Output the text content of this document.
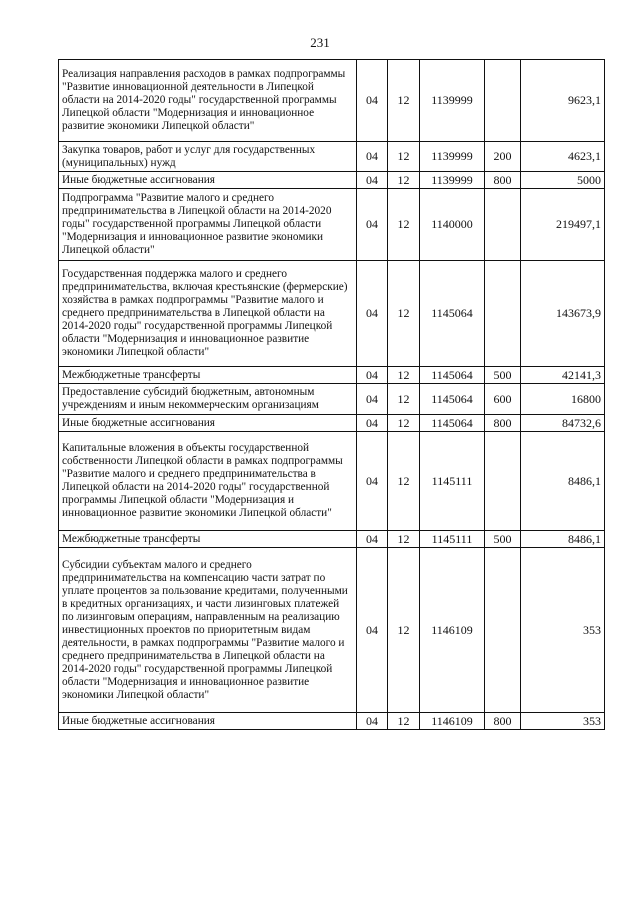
231
Реализация направления расходов в рамках подпрограммы "Развитие инновационной деятельности в Липецкой области на 2014-2020 годы" государственной программы Липецкой области "Модернизация и инновационное развитие экономики Липецкой области"	04	12	1139999		9623,1
Закупка товаров, работ и услуг для государственных (муниципальных) нужд	04	12	1139999	200	4623,1
Иные бюджетные ассигнования	04	12	1139999	800	5000
Подпрограмма "Развитие малого и среднего предпринимательства в Липецкой области на 2014-2020 годы" государственной программы Липецкой области "Модернизация и инновационное развитие экономики Липецкой области"	04	12	1140000		219497,1
Государственная поддержка малого и среднего предпринимательства, включая крестьянские (фермерские) хозяйства в рамках подпрограммы "Развитие малого и среднего предпринимательства в Липецкой области на 2014-2020 годы" государственной программы Липецкой области "Модернизация и инновационное развитие экономики Липецкой области"	04	12	1145064		143673,9
Межбюджетные трансферты	04	12	1145064	500	42141,3
Предоставление субсидий бюджетным, автономным учреждениям и иным некоммерческим организациям	04	12	1145064	600	16800
Иные бюджетные ассигнования	04	12	1145064	800	84732,6
Капитальные вложения в объекты государственной собственности Липецкой области в рамках подпрограммы "Развитие малого и среднего предпринимательства в Липецкой области на 2014-2020 годы" государственной программы Липецкой области "Модернизация и инновационное развитие экономики Липецкой области"	04	12	1145111		8486,1
Межбюджетные трансферты	04	12	1145111	500	8486,1
Субсидии субъектам малого и среднего предпринимательства на компенсацию части затрат по уплате процентов за пользование кредитами, полученными в кредитных организациях, и части лизинговых платежей по лизинговым операциям, направленным на реализацию инвестиционных проектов по приоритетным видам деятельности, в рамках подпрограммы "Развитие малого и среднего предпринимательства в Липецкой области на 2014-2020 годы" государственной программы Липецкой области "Модернизация и инновационное развитие экономики Липецкой области"	04	12	1146109		353
Иные бюджетные ассигнования	04	12	1146109	800	353
